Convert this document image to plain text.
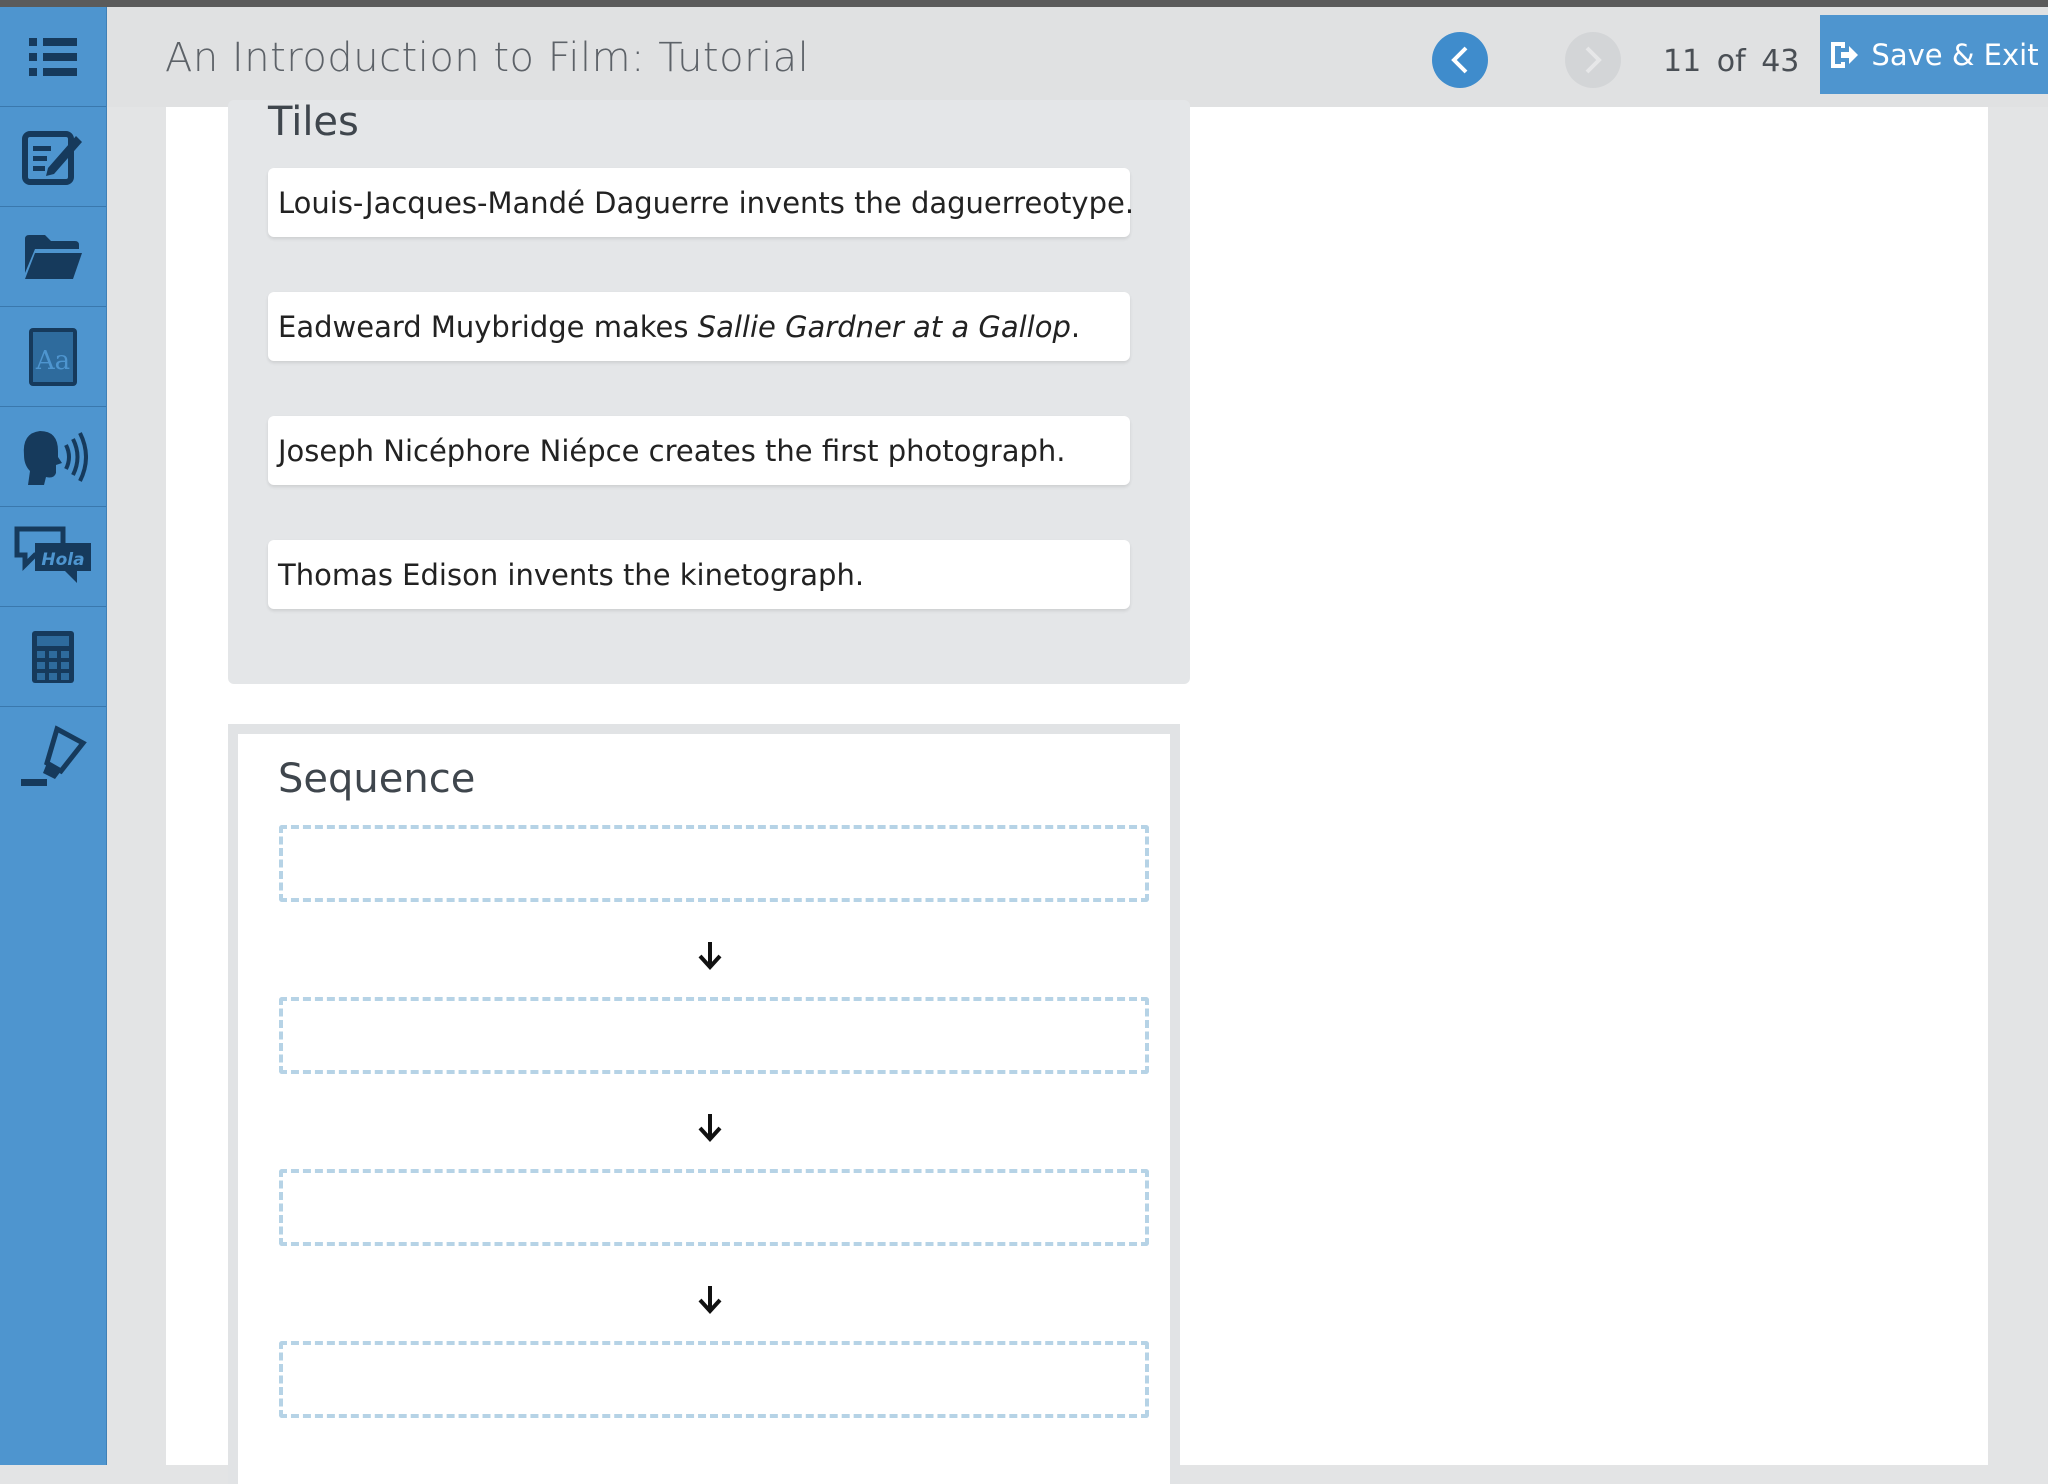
Aa
Hola
An Introduction to Film: Tutorial	11 of 43 Save & Exit
Tiles
Louis-Jacques-Mandé Daguerre invents the daguerreotype.
Eadweard Muybridge makes Sallie Gardner at a Gallop .
Joseph Nicéphore Niépce creates the first photograph.
Thomas Edison invents the kinetograph.
Sequence
